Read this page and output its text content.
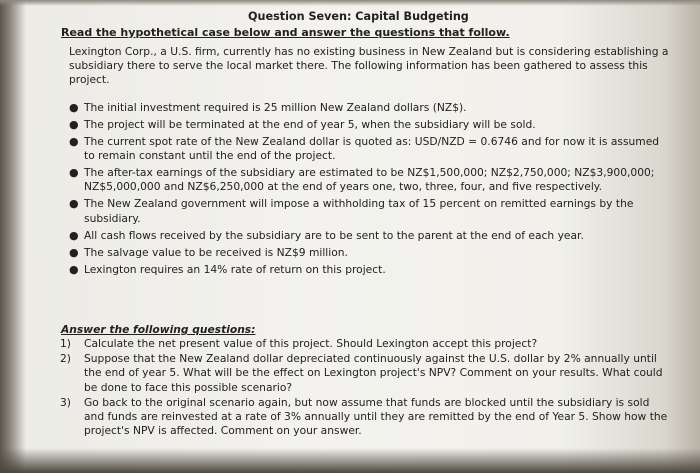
Question Seven: Capital Budgeting
Read the hypothetical case below and answer the questions that follow.
Lexington Corp., a U.S. firm, currently has no existing business in New Zealand but is considering establishing a subsidiary there to serve the local market there. The following information has been gathered to assess this project.
● The initial investment required is 25 million New Zealand dollars (NZ$).
● The project will be terminated at the end of year 5, when the subsidiary will be sold.
● The current spot rate of the New Zealand dollar is quoted as: USD/NZD = 0.6746 and for now it is assumed to remain constant until the end of the project.
● The after-tax earnings of the subsidiary are estimated to be NZ$1,500,000; NZ$2,750,000; NZ$3,900,000; NZ$5,000,000 and NZ$6,250,000 at the end of years one, two, three, four, and five respectively.
● The New Zealand government will impose a withholding tax of 15 percent on remitted earnings by the subsidiary.
● All cash flows received by the subsidiary are to be sent to the parent at the end of each year.
● The salvage value to be received is NZ$9 million.
● Lexington requires an 14% rate of return on this project.
Answer the following questions:
1) Calculate the net present value of this project. Should Lexington accept this project?
2) Suppose that the New Zealand dollar depreciated continuously against the U.S. dollar by 2% annually until the end of year 5. What will be the effect on Lexington project's NPV? Comment on your results. What could be done to face this possible scenario?
3) Go back to the original scenario again, but now assume that funds are blocked until the subsidiary is sold and funds are reinvested at a rate of 3% annually until they are remitted by the end of Year 5. Show how the project's NPV is affected. Comment on your answer.
